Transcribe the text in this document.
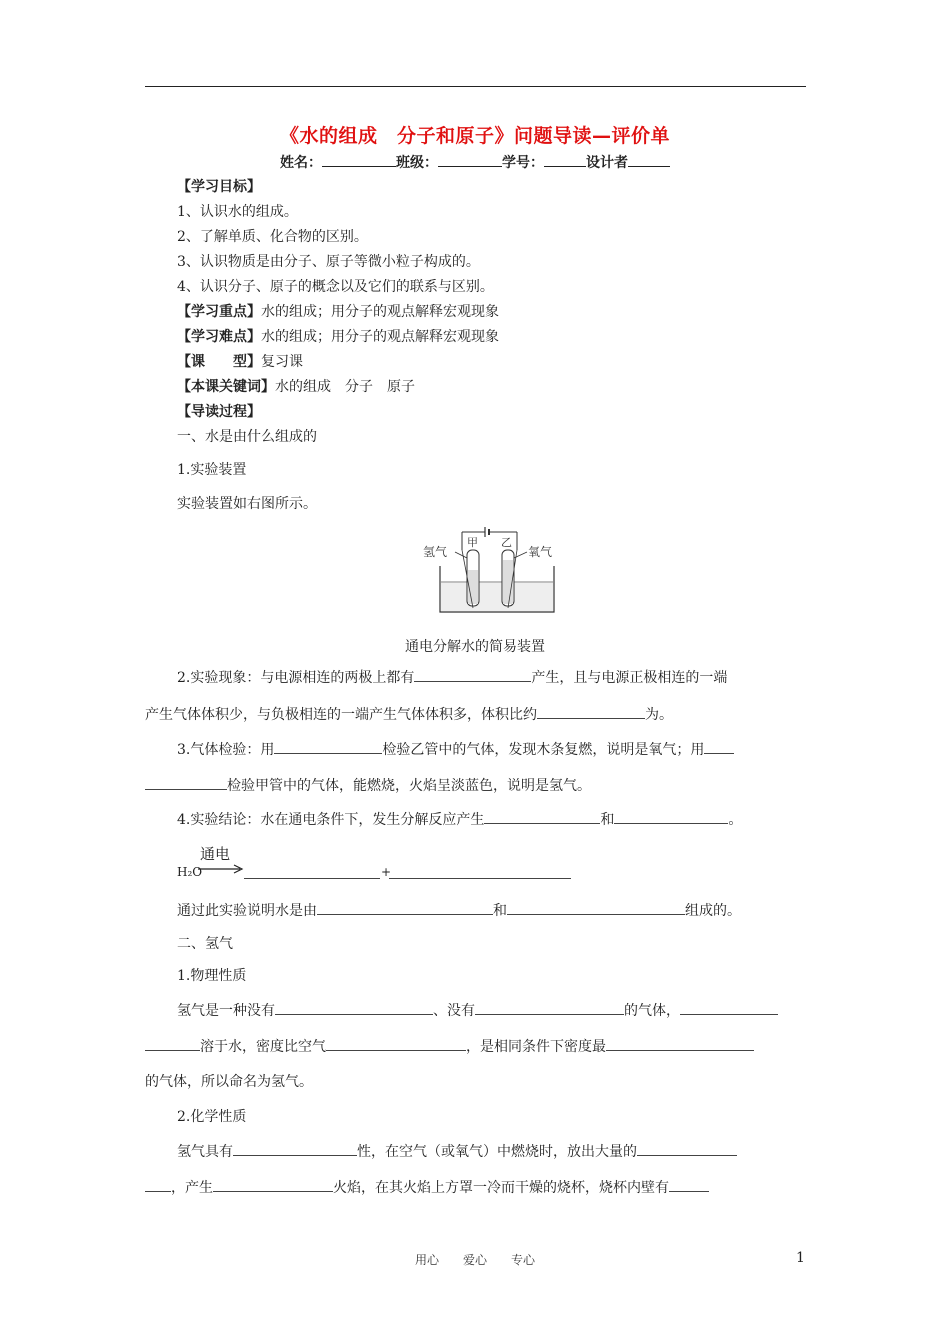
《水的组成　分子和原子》问题导读—评价单
姓名：	班级：	学号：	设计者
【学习目标】
1、认识水的组成。
2、了解单质、化合物的区别。
3、认识物质是由分子、原子等微小粒子构成的。
4、认识分子、原子的概念以及它们的联系与区别。
【学习重点】水的组成；用分子的观点解释宏观现象
【学习难点】水的组成；用分子的观点解释宏观现象
【课　　型】复习课
【本课关键词】水的组成　分子　原子
【导读过程】
一、水是由什么组成的
1.实验装置
实验装置如右图所示。
氢气	氧气
甲 乙
通电分解水的简易装置
2.实验现象：与电源相连的两极上都有	产生，且与电源正极相连的一端
产生气体体积少，与负极相连的一端产生气体体积多，体积比约	为。
3.气体检验：用	检验乙管中的气体，发现木条复燃，说明是氧气；用
检验甲管中的气体，能燃烧，火焰呈淡蓝色，说明是氢气。
4.实验结论：水在通电条件下，发生分解反应产生	和	。
通电
H₂O	+
通过此实验说明水是由	和	组成的。
二、氢气
1.物理性质
氢气是一种没有	、没有	的气体，
溶于水，密度比空气	，是相同条件下密度最
的气体，所以命名为氢气。
2.化学性质
氢气具有	性，在空气（或氧气）中燃烧时，放出大量的
，产生	火焰，在其火焰上方罩一冷而干燥的烧杯，烧杯内壁有
用心　　爱心　　专心	1
